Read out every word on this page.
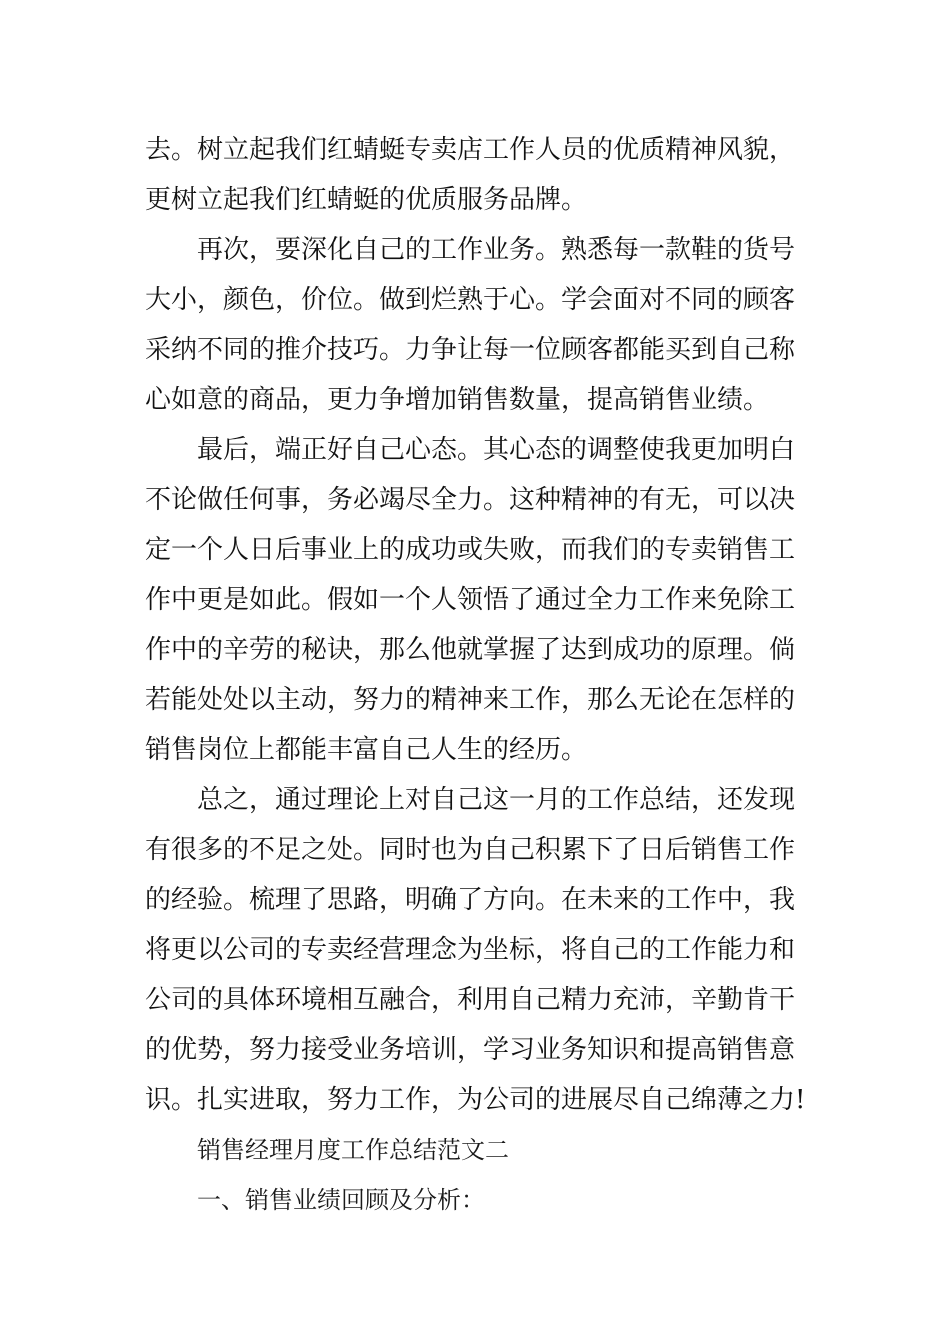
去。树立起我们红蜻蜓专卖店工作人员的优质精神风貌，
更树立起我们红蜻蜓的优质服务品牌。
再次，要深化自己的工作业务。熟悉每一款鞋的货号
大小，颜色，价位。做到烂熟于心。学会面对不同的顾客
采纳不同的推介技巧。力争让每一位顾客都能买到自己称
心如意的商品，更力争增加销售数量，提高销售业绩。
最后，端正好自己心态。其心态的调整使我更加明白
不论做任何事，务必竭尽全力。这种精神的有无，可以决
定一个人日后事业上的成功或失败，而我们的专卖销售工
作中更是如此。假如一个人领悟了通过全力工作来免除工
作中的辛劳的秘诀，那么他就掌握了达到成功的原理。倘
若能处处以主动，努力的精神来工作，那么无论在怎样的
销售岗位上都能丰富自己人生的经历。
总之，通过理论上对自己这一月的工作总结，还发现
有很多的不足之处。同时也为自己积累下了日后销售工作
的经验。梳理了思路，明确了方向。在未来的工作中，我
将更以公司的专卖经营理念为坐标，将自己的工作能力和
公司的具体环境相互融合，利用自己精力充沛，辛勤肯干
的优势，努力接受业务培训，学习业务知识和提高销售意
识。扎实进取，努力工作，为公司的进展尽自己绵薄之力!
销售经理月度工作总结范文二
一、销售业绩回顾及分析：
